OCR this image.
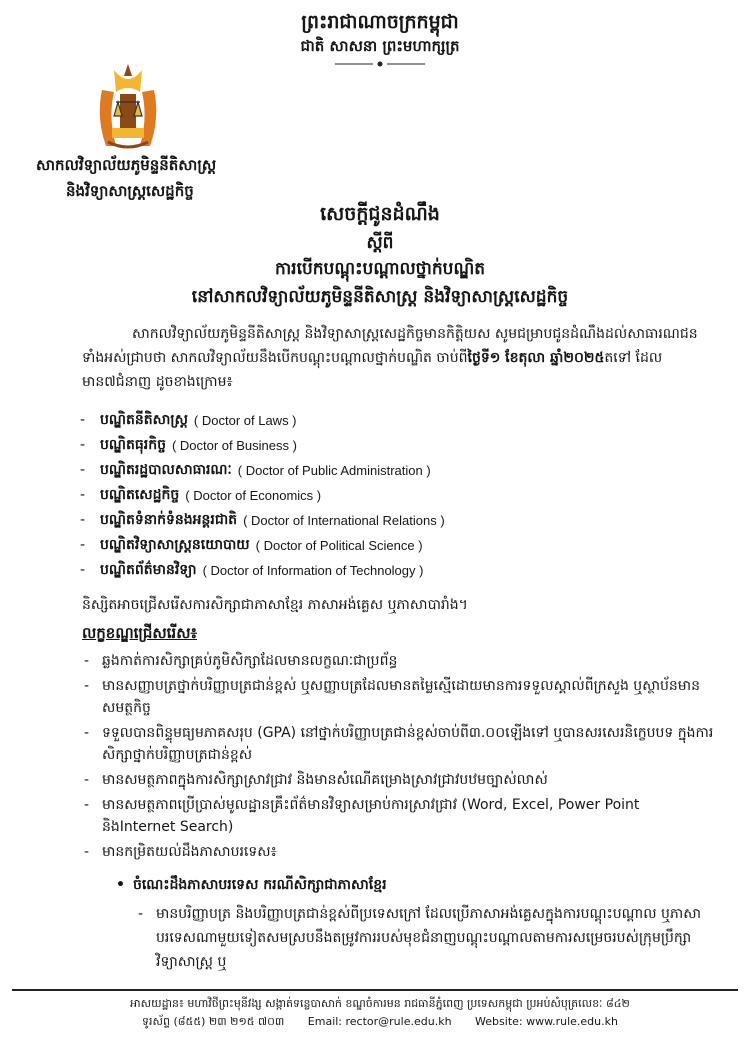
ព្រះរាជាណាចក្រកម្ពុជា
ជាតិ សាសនា ព្រះមហាក្សត្រ
សាកលវិទ្យាល័យភូមិន្ទនីតិសាស្ត្រ
និងវិទ្យាសាស្ត្រសេដ្ឋកិច្ច
សេចក្តីជូនដំណឹង
ស្តីពី
ការបើកបណ្តុះបណ្តាលថ្នាក់បណ្ឌិត
នៅសាកលវិទ្យាល័យភូមិន្ទនីតិសាស្ត្រ និងវិទ្យាសាស្ត្រសេដ្ឋកិច្ច
សាកលវិទ្យាល័យភូមិន្ទនីតិសាស្ត្រ និងវិទ្យាសាស្ត្រសេដ្ឋកិច្ចមានកិត្តិយស សូមជម្រាបជូនដំណឹងដល់សាធារណជនទាំងអស់ជ្រាបថា សាកលវិទ្យាល័យនឹងបើកបណ្តុះបណ្តាលថ្នាក់បណ្ឌិត ចាប់ពីថ្ងៃទី១ ខែតុលា ឆ្នាំ២០២៥តទៅ ដែលមាន៧ជំនាញ ដូចខាងក្រោម៖
-	បណ្ឌិតនីតិសាស្ត្រ ( Doctor of Laws )
-	បណ្ឌិតធុរកិច្ច ( Doctor of Business )
-	បណ្ឌិតរដ្ឋបាលសាធារណៈ ( Doctor of Public Administration )
-	បណ្ឌិតសេដ្ឋកិច្ច ( Doctor of Economics )
-	បណ្ឌិតទំនាក់ទំនងអន្តរជាតិ ( Doctor of International Relations )
-	បណ្ឌិតវិទ្យាសាស្ត្រនយោបាយ ( Doctor of Political Science )
-	បណ្ឌិតព័ត៌មានវិទ្យា ( Doctor of Information of Technology )
និស្សិតអាចជ្រើសរើសការសិក្សាជាភាសាខ្មែរ ភាសាអង់គ្លេស ឬភាសាបារាំង។
លក្ខខណ្ឌជ្រើសរើស៖
- ឆ្លងកាត់ការសិក្សាគ្រប់ភូមិសិក្សាដែលមានលក្ខណៈជាប្រព័ន្ធ
- មានសញ្ញាបត្រថ្នាក់បរិញ្ញាបត្រជាន់ខ្ពស់ ឬសញ្ញាបត្រដែលមានតម្លៃស្មើដោយមានការទទួលស្គាល់ពីក្រសួង ឬស្ថាប័នមានសមត្ថកិច្ច
- ទទួលបានពិន្ទុមធ្យមភាគសរុប (GPA) នៅថ្នាក់បរិញ្ញាបត្រជាន់ខ្ពស់ចាប់ពី៣.០០ឡើងទៅ ឬបានសរសេរនិក្ខេបបទ ក្នុងការសិក្សាថ្នាក់បរិញ្ញាបត្រជាន់ខ្ពស់
- មានសមត្ថភាពក្នុងការសិក្សាស្រាវជ្រាវ និងមានសំណើគម្រោងស្រាវជ្រាវបឋមច្បាស់លាស់
- មានសមត្ថភាពប្រើប្រាស់មូលដ្ឋានគ្រឹះព័ត៌មានវិទ្យាសម្រាប់ការស្រាវជ្រាវ (Word, Excel, Power Point និងInternet Search)
- មានកម្រិតយល់ដឹងភាសាបរទេស៖
• ចំណេះដឹងភាសាបរទេស ករណីសិក្សាជាភាសាខ្មែរ
- មានបរិញ្ញាបត្រ និងបរិញ្ញាបត្រជាន់ខ្ពស់ពីប្រទេសក្រៅ ដែលប្រើភាសាអង់គ្លេសក្នុងការបណ្តុះបណ្តាល ឬភាសាបរទេសណាមួយទៀតសមស្របនឹងតម្រូវការរបស់មុខជំនាញបណ្តុះបណ្តាលតាមការសម្រេចរបស់ក្រុមប្រឹក្សាវិទ្យាសាស្ត្រ ឬ
អាសយដ្ឋាន៖ មហាវិថីព្រះមុនីវង្ស សង្កាត់ទន្លេបាសាក់ ខណ្ឌចំការមន រាជធានីភ្នំពេញ ប្រទេសកម្ពុជា ប្រអប់សំបុត្រលេខៈ ៨៤២
ទូរស័ព្ទ (៨៥៥) ២៣ ២១៥ ៧០៣ Email: rector@rule.edu.kh Website: www.rule.edu.kh
